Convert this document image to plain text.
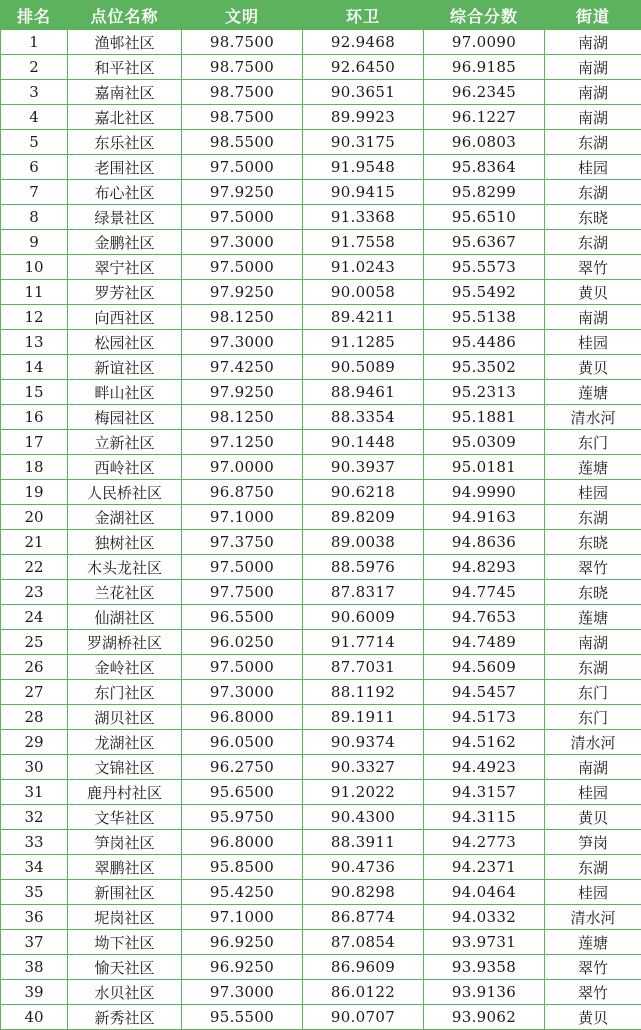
排名	点位名称	文明	环卫	综合分数	街道
1	渔邨社区	98.7500	92.9468	97.0090	南湖
2	和平社区	98.7500	92.6450	96.9185	南湖
3	嘉南社区	98.7500	90.3651	96.2345	南湖
4	嘉北社区	98.7500	89.9923	96.1227	南湖
5	东乐社区	98.5500	90.3175	96.0803	东湖
6	老围社区	97.5000	91.9548	95.8364	桂园
7	布心社区	97.9250	90.9415	95.8299	东湖
8	绿景社区	97.5000	91.3368	95.6510	东晓
9	金鹏社区	97.3000	91.7558	95.6367	东湖
10	翠宁社区	97.5000	91.0243	95.5573	翠竹
11	罗芳社区	97.9250	90.0058	95.5492	黄贝
12	向西社区	98.1250	89.4211	95.5138	南湖
13	松园社区	97.3000	91.1285	95.4486	桂园
14	新谊社区	97.4250	90.5089	95.3502	黄贝
15	畔山社区	97.9250	88.9461	95.2313	莲塘
16	梅园社区	98.1250	88.3354	95.1881	清水河
17	立新社区	97.1250	90.1448	95.0309	东门
18	西岭社区	97.0000	90.3937	95.0181	莲塘
19	人民桥社区	96.8750	90.6218	94.9990	桂园
20	金湖社区	97.1000	89.8209	94.9163	东湖
21	独树社区	97.3750	89.0038	94.8636	东晓
22	木头龙社区	97.5000	88.5976	94.8293	翠竹
23	兰花社区	97.7500	87.8317	94.7745	东晓
24	仙湖社区	96.5500	90.6009	94.7653	莲塘
25	罗湖桥社区	96.0250	91.7714	94.7489	南湖
26	金岭社区	97.5000	87.7031	94.5609	东湖
27	东门社区	97.3000	88.1192	94.5457	东门
28	湖贝社区	96.8000	89.1911	94.5173	东门
29	龙湖社区	96.0500	90.9374	94.5162	清水河
30	文锦社区	96.2750	90.3327	94.4923	南湖
31	鹿丹村社区	95.6500	91.2022	94.3157	桂园
32	文华社区	95.9750	90.4300	94.3115	黄贝
33	笋岗社区	96.8000	88.3911	94.2773	笋岗
34	翠鹏社区	95.8500	90.4736	94.2371	东湖
35	新围社区	95.4250	90.8298	94.0464	桂园
36	坭岗社区	97.1000	86.8774	94.0332	清水河
37	坳下社区	96.9250	87.0854	93.9731	莲塘
38	愉天社区	96.9250	86.9609	93.9358	翠竹
39	水贝社区	97.3000	86.0122	93.9136	翠竹
40	新秀社区	95.5500	90.0707	93.9062	黄贝
